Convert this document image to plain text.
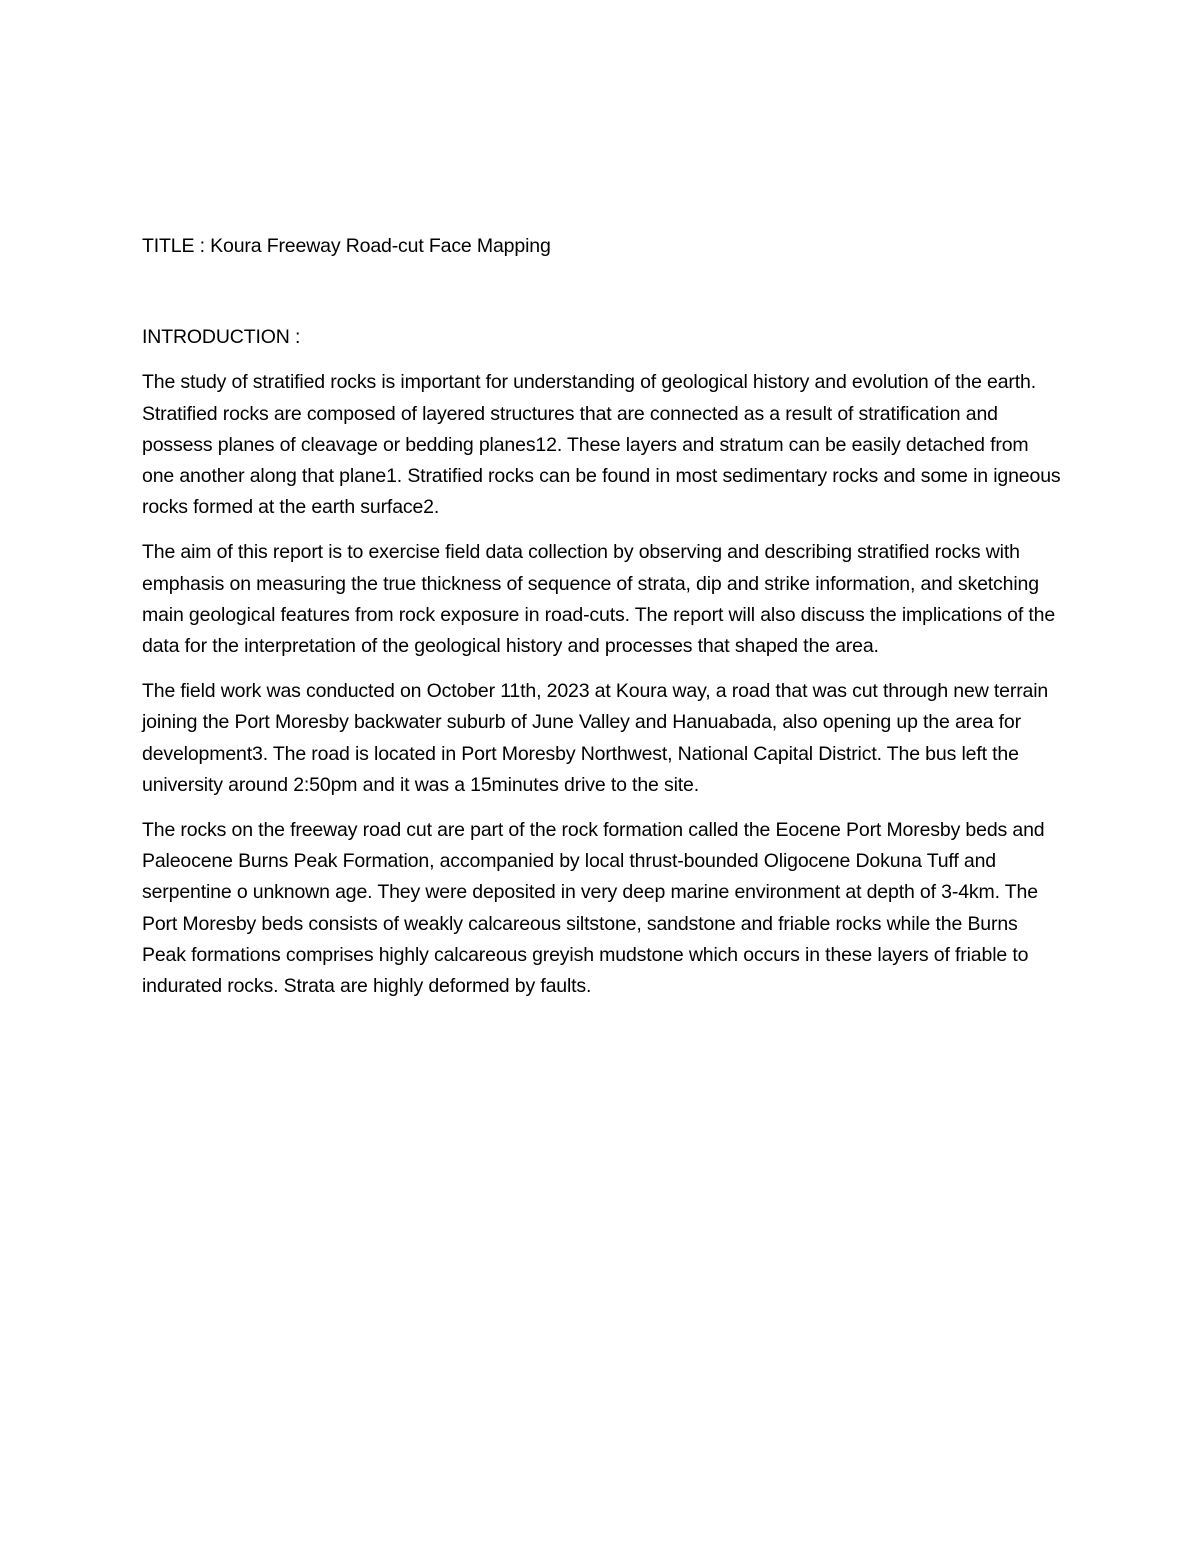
TITLE : Koura Freeway Road-cut Face Mapping

INTRODUCTION :

The study of stratified rocks is important for understanding of geological history and evolution of the earth. Stratified rocks are composed of layered structures that are connected as a result of stratification and possess planes of cleavage or bedding planes12. These layers and stratum can be easily detached from one another along that plane1. Stratified rocks can be found in most sedimentary rocks and some in igneous rocks formed at the earth surface2.

The aim of this report is to exercise field data collection by observing and describing stratified rocks with emphasis on measuring the true thickness of sequence of strata, dip and strike information, and sketching main geological features from rock exposure in road-cuts. The report will also discuss the implications of the data for the interpretation of the geological history and processes that shaped the area.

The field work was conducted on October 11th, 2023 at Koura way, a road that was cut through new terrain joining the Port Moresby backwater suburb of June Valley and Hanuabada, also opening up the area for development3. The road is located in Port Moresby Northwest, National Capital District. The bus left the university around 2:50pm and it was a 15minutes drive to the site.

The rocks on the freeway road cut are part of the rock formation called the Eocene Port Moresby beds and Paleocene Burns Peak Formation, accompanied by local thrust-bounded Oligocene Dokuna Tuff and serpentine o unknown age. They were deposited in very deep marine environment at depth of 3-4km. The Port Moresby beds consists of weakly calcareous siltstone, sandstone and friable rocks while the Burns Peak formations comprises highly calcareous greyish mudstone which occurs in these layers of friable to indurated rocks. Strata are highly deformed by faults.
